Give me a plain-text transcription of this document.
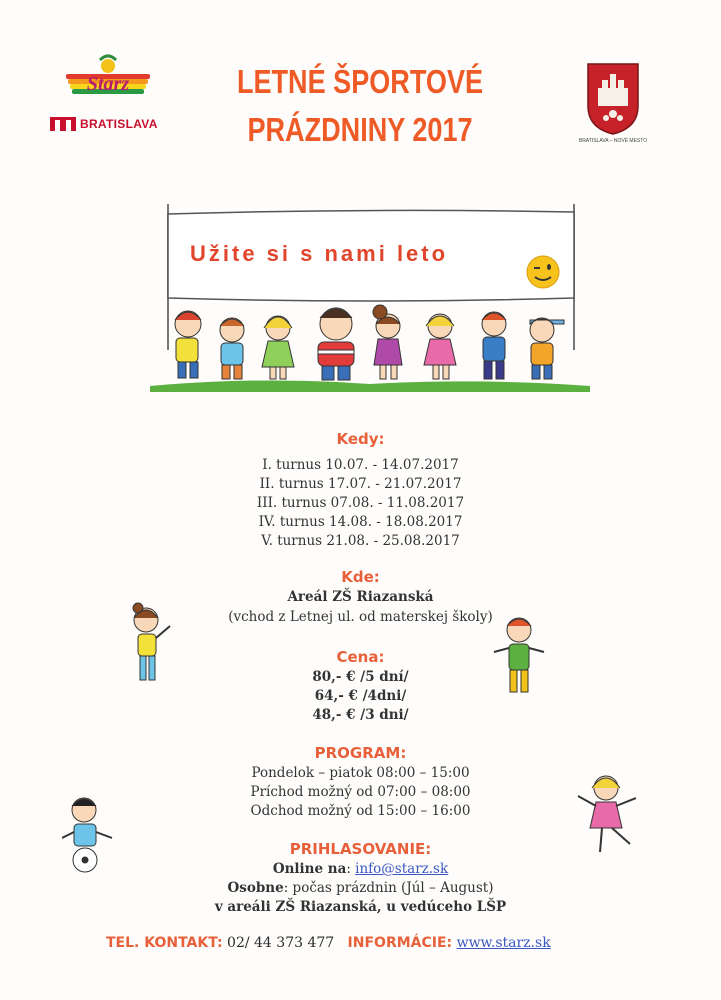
Starz
BRATISLAVA
BRATISLAVA – NOVÉ MESTO
LETNÉ ŠPORTOVÉ
PRÁZDNINY 2017
Užite si s nami leto
Kedy:
I. turnus 10.07. - 14.07.2017
II. turnus 17.07. - 21.07.2017
III. turnus 07.08. - 11.08.2017
IV. turnus 14.08. - 18.08.2017
V. turnus 21.08. - 25.08.2017
Kde:
Areál ZŠ Riazanská
(vchod z Letnej ul. od materskej školy)
Cena:
80,- € /5 dní/
64,- € /4dni/
48,- € /3 dni/
PROGRAM:
Pondelok – piatok 08:00 – 15:00
Príchod možný od 07:00 – 08:00
Odchod možný od 15:00 – 16:00
PRIHLASOVANIE:
Online na: info@starz.sk
Osobne: počas prázdnin (Júl – August)
v areáli ZŠ Riazanská, u vedúceho LŠP
TEL. KONTAKT: 02/ 44 373 477 INFORMÁCIE: www.starz.sk
